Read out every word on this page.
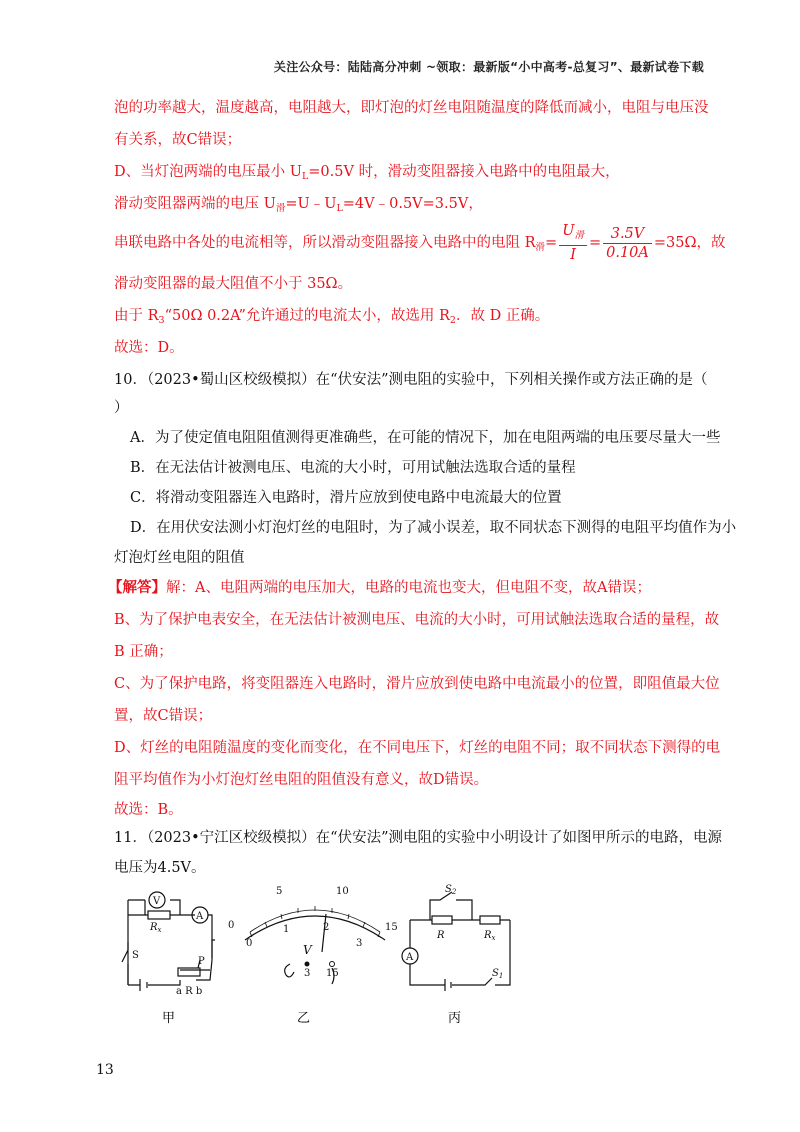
关注公众号：陆陆高分冲刺 ~领取：最新版“小中高考-总复习”、最新试卷下载
泡的功率越大，温度越高，电阻越大，即灯泡的灯丝电阻随温度的降低而减小，电阻与电压没
有关系，故C错误；
D、当灯泡两端的电压最小 $U_L=0.5V$ 时，滑动变阻器接入电路中的电阻最大，
滑动变阻器两端的电压 $U_滑=U﹣U_L=4V﹣0.5V=3.5V$，
串联电路中各处的电流相等，所以滑动变阻器接入电路中的电阻 $R_滑= \frac{U_滑}{I} = \frac{3.5V}{0.10A} =35\Omega$，故
滑动变阻器的最大阻值不小于 35Ω。
由于 $R_3“50\Omega$ 0.2A”允许通过的电流太小，故选用 $R_2$．故 D 正确。
故选：D。
10．（2023•蜀山区校级模拟）在“伏安法”测电阻的实验中，下列相关操作或方法正确的是（
）
A．为了使定值电阻阻值测得更准确些，在可能的情况下，加在电阻两端的电压要尽量大一些
B．在无法估计被测电压、电流的大小时，可用试触法选取合适的量程
C．将滑动变阻器连入电路时，滑片应放到使电路中电流最大的位置
D．在用伏安法测小灯泡灯丝的电阻时，为了减小误差，取不同状态下测得的电阻平均值作为小
灯泡灯丝电阻的阻值
【解答】解：A、电阻两端的电压加大，电路的电流也变大，但电阻不变，故A错误；
B、为了保护电表安全，在无法估计被测电压、电流的大小时，可用试触法选取合适的量程，故
B 正确；
C、为了保护电路，将变阻器连入电路时，滑片应放到使电路中电流最小的位置，即阻值最大位
置，故C错误；
D、灯丝的电阻随温度的变化而变化，在不同电压下，灯丝的电阻不同；取不同状态下测得的电
阻平均值作为小灯泡灯丝电阻的阻值没有意义，故D错误。
故选：B。
11．（2023•宁江区校级模拟）在“伏安法”测电阻的实验中小明设计了如图甲所示的电路，电源
电压为4.5V。
V
A
$R_x$
S
P
a R b
甲
0
5	10
15
0
1	2
3
V
3 15
乙
$S_2$
R	$R_x$
A
$S_1$
丙
13
